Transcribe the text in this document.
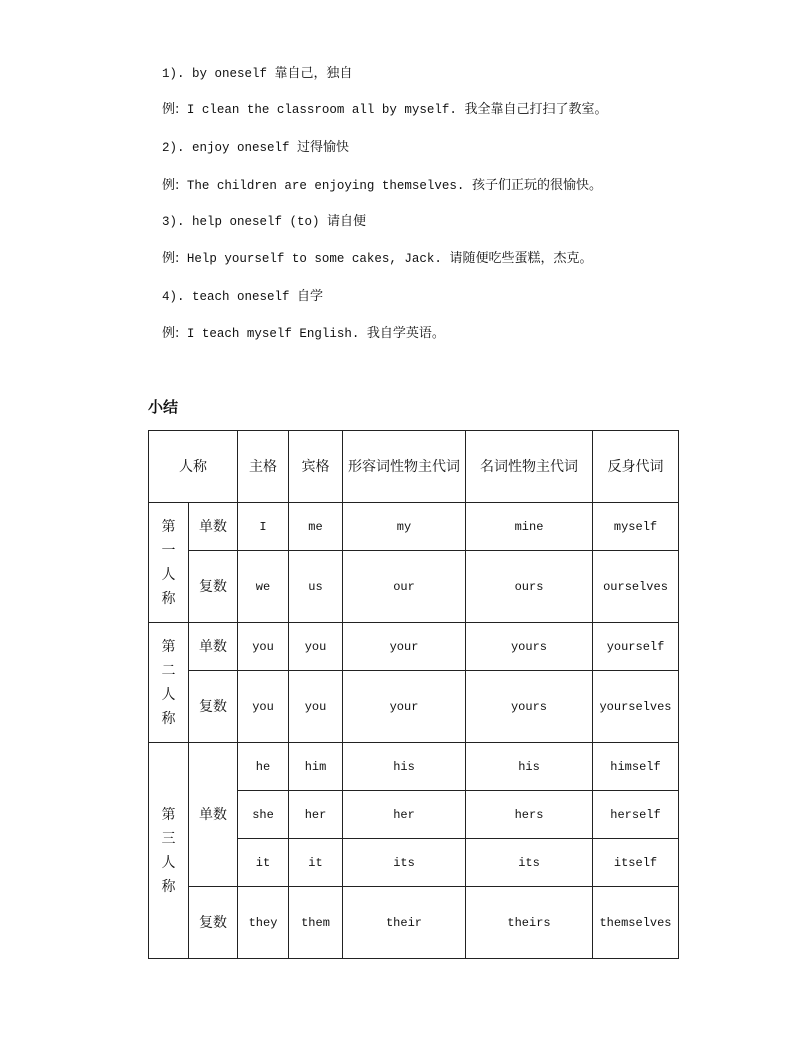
1). by oneself 靠自己，独自
例: I clean the classroom all by myself. 我全靠自己打扫了教室。
2). enjoy oneself 过得愉快
例: The children are enjoying themselves. 孩子们正玩的很愉快。
3). help oneself (to) 请自便
例: Help yourself to some cakes, Jack. 请随便吃些蛋糕，杰克。
4). teach oneself 自学
例: I teach myself English. 我自学英语。
小结
人称		主格	宾格	形容词性物主代词	名词性物主代词	反身代词
第一人称	单数	I	me	my	mine	myself
	复数	we	us	our	ours	ourselves
第二人称	单数	you	you	your	yours	yourself
	复数	you	you	your	yours	yourselves
第三人称	单数	he	him	his	his	himself
		she	her	her	hers	herself
		it	it	its	its	itself
	复数	they	them	their	theirs	themselves
